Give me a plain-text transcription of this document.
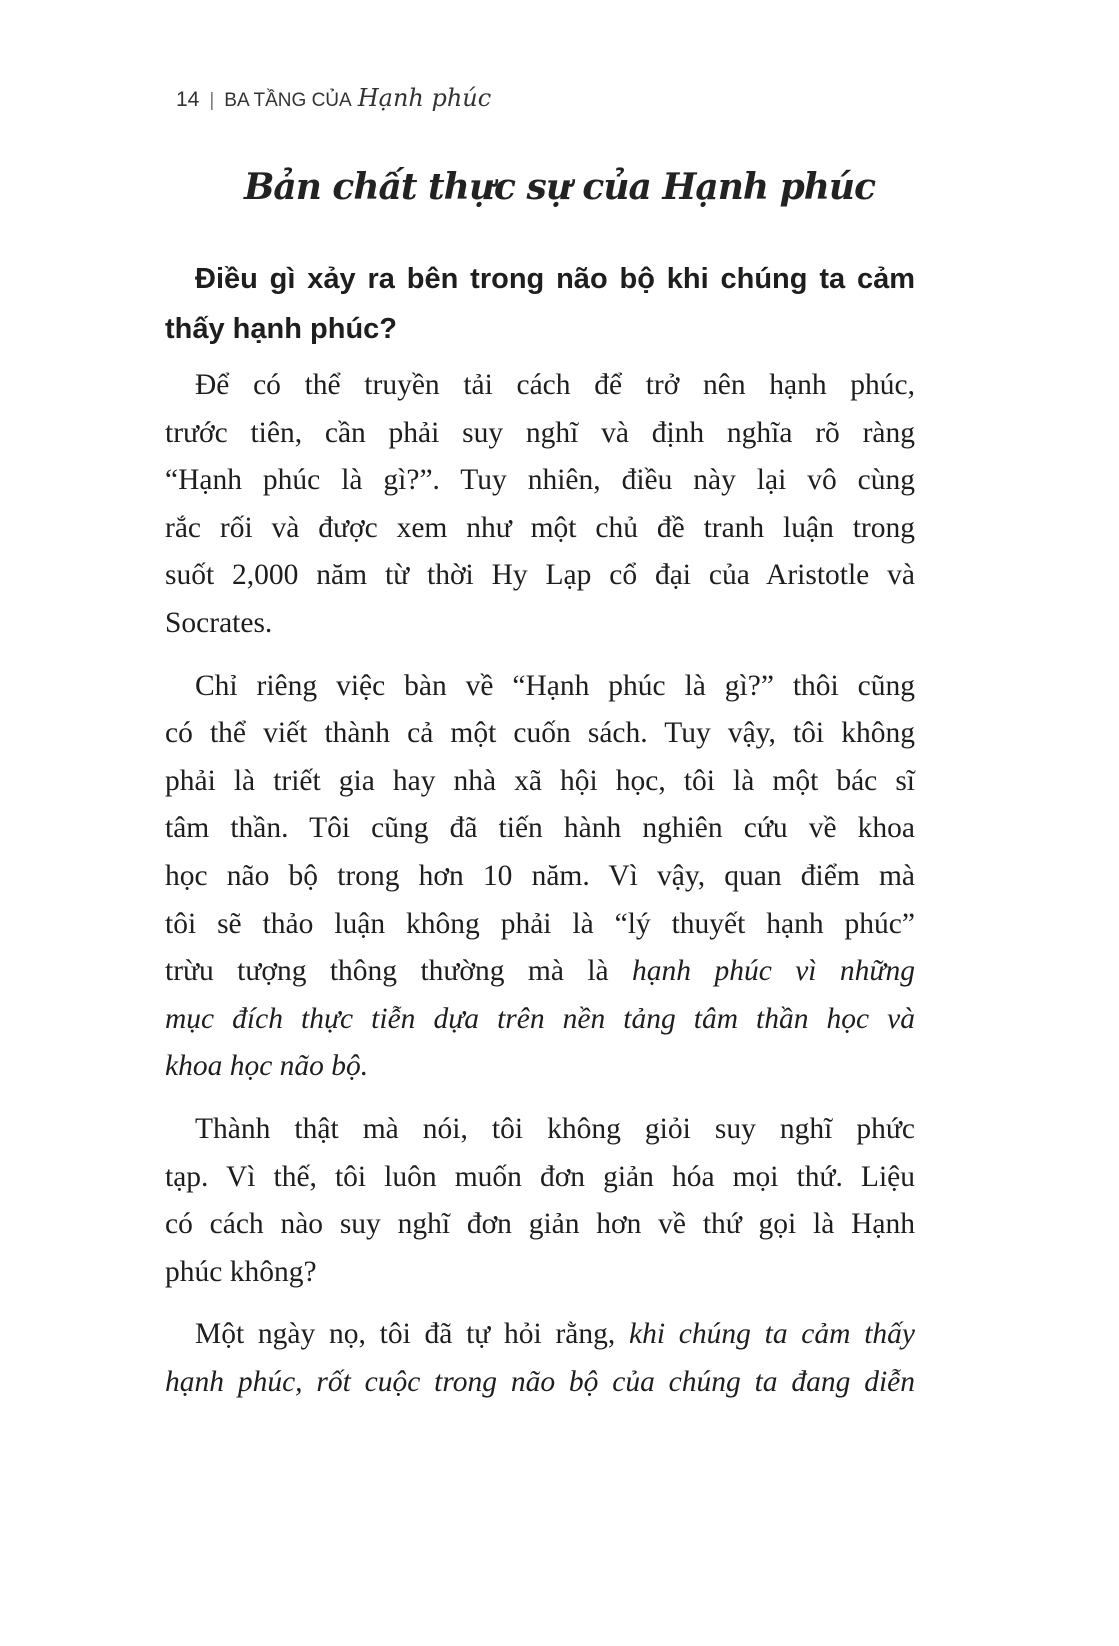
14 | BA TẦNG CỦA Hạnh phúc
Bản chất thực sự của Hạnh phúc
Điều gì xảy ra bên trong não bộ khi chúng ta cảm
thấy hạnh phúc?
Để có thể truyền tải cách để trở nên hạnh phúc,
trước tiên, cần phải suy nghĩ và định nghĩa rõ ràng
“Hạnh phúc là gì?”. Tuy nhiên, điều này lại vô cùng
rắc rối và được xem như một chủ đề tranh luận trong
suốt 2,000 năm từ thời Hy Lạp cổ đại của Aristotle và
Socrates.
Chỉ riêng việc bàn về “Hạnh phúc là gì?” thôi cũng
có thể viết thành cả một cuốn sách. Tuy vậy, tôi không
phải là triết gia hay nhà xã hội học, tôi là một bác sĩ
tâm thần. Tôi cũng đã tiến hành nghiên cứu về khoa
học não bộ trong hơn 10 năm. Vì vậy, quan điểm mà
tôi sẽ thảo luận không phải là “lý thuyết hạnh phúc”
trừu tượng thông thường mà là hạnh phúc vì những
mục đích thực tiễn dựa trên nền tảng tâm thần học và
khoa học não bộ.
Thành thật mà nói, tôi không giỏi suy nghĩ phức
tạp. Vì thế, tôi luôn muốn đơn giản hóa mọi thứ. Liệu
có cách nào suy nghĩ đơn giản hơn về thứ gọi là Hạnh
phúc không?
Một ngày nọ, tôi đã tự hỏi rằng, khi chúng ta cảm thấy
hạnh phúc, rốt cuộc trong não bộ của chúng ta đang diễn
